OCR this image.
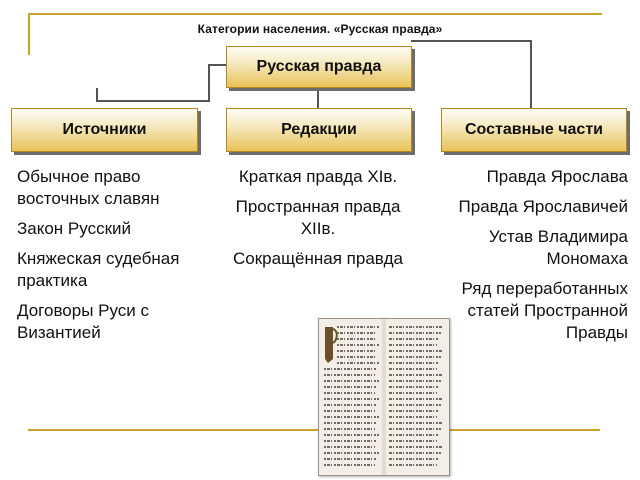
Категории населения. «Русская правда»
Русская правда
Источники	Редакции	Составные части

Обычное право восточных славян

Закон Русский

Княжеская судебная практика

Договоры Руси с Византией

Краткая правда XIв.

Пространная правда XIIв.

Сокращённая правда

Правда Ярослава

Правда Ярославичей

Устав Владимира Мономаха

Ряд переработанных статей Пространной Правды
